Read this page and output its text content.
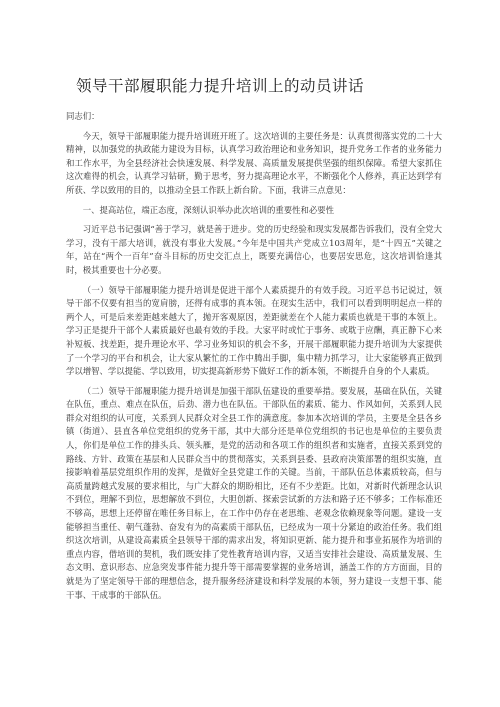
领导干部履职能力提升培训上的动员讲话

同志们：

今天，领导干部履职能力提升培训班开班了。这次培训的主要任务是：认真贯彻落实党的二十大精神，以加强党的执政能力建设为目标，认真学习政治理论和业务知识，提升党务工作者的业务能力和工作水平，为全县经济社会快速发展、科学发展、高质量发展提供坚强的组织保障。希望大家抓住这次难得的机会，认真学习钻研，勤于思考，努力提高理论水平，不断强化个人修养，真正达到学有所获、学以致用的目的，以推动全县工作跃上新台阶。下面，我讲三点意见：

一、提高站位，端正态度，深刻认识举办此次培训的重要性和必要性

习近平总书记强调“善于学习，就是善于进步。党的历史经验和现实发展都告诉我们，没有全党大学习，没有干部大培训，就没有事业大发展。”今年是中国共产党成立103周年，是“十四五”关键之年，站在“两个一百年”奋斗目标的历史交汇点上，既要充满信心，也要居安思危，这次培训恰逢其时，极其重要也十分必要。

（一）领导干部履职能力提升培训是促进干部个人素质提升的有效手段。习近平总书记说过，领导干部不仅要有担当的宽肩膀，还得有成事的真本领。在现实生活中，我们可以看到明明起点一样的两个人，可是后来差距越来越大了，抛开客观原因，差距就差在个人能力素质也就是干事的本领上。学习正是提升干部个人素质最好也最有效的手段。大家平时或忙于事务、或耽于应酬，真正静下心来补短板、找差距，提升理论水平、学习业务知识的机会不多，开展干部履职能力提升培训为大家提供了一个学习的平台和机会，让大家从繁忙的工作中腾出手脚，集中精力抓学习，让大家能够真正做到学以增智、学以提能、学以致用，切实提高新形势下做好工作的新本领，不断提升自身的个人素质。

（二）领导干部履职能力提升培训是加强干部队伍建设的重要举措。要发展，基础在队伍，关键在队伍，重点、难点在队伍，后劲、潜力也在队伍。干部队伍的素质、能力、作风如何，关系到人民群众对组织的认可度，关系到人民群众对全县工作的满意度。参加本次培训的学员，主要是全县各乡镇（街道）、县直各单位党组织的党务干部，其中大部分还是单位党组织的书记也是单位的主要负责人，你们是单位工作的排头兵、领头雁，是党的活动和各项工作的组织者和实施者，直接关系到党的路线、方针、政策在基层和人民群众当中的贯彻落实，关系到县委、县政府决策部署的组织实施，直接影响着基层党组织作用的发挥，是做好全县党建工作的关键。当前，干部队伍总体素质较高，但与高质量跨越式发展的要求相比，与广大群众的期盼相比，还有不少差距。比如，对新时代新理念认识不到位，理解不到位，思想解放不到位，大胆创新、探索尝试新的方法和路子还不够多；工作标准还不够高，思想上还停留在唯任务目标上，在工作中仍存在老思维、老观念依赖现象等问题。建设一支能够担当重任、朝气蓬勃、奋发有为的高素质干部队伍，已经成为一项十分紧迫的政治任务。我们组织这次培训，从建设高素质全县领导干部的需求出发，将知识更新、能力提升和事业拓展作为培训的重点内容，借培训的契机，我们既安排了党性教育培训内容，又适当安排社会建设、高质量发展、生态文明、意识形态、应急突发事件能力提升等干部需要掌握的业务培训，涵盖工作的方方面面，目的就是为了坚定领导干部的理想信念，提升服务经济建设和科学发展的本领，努力建设一支想干事、能干事、干成事的干部队伍。
